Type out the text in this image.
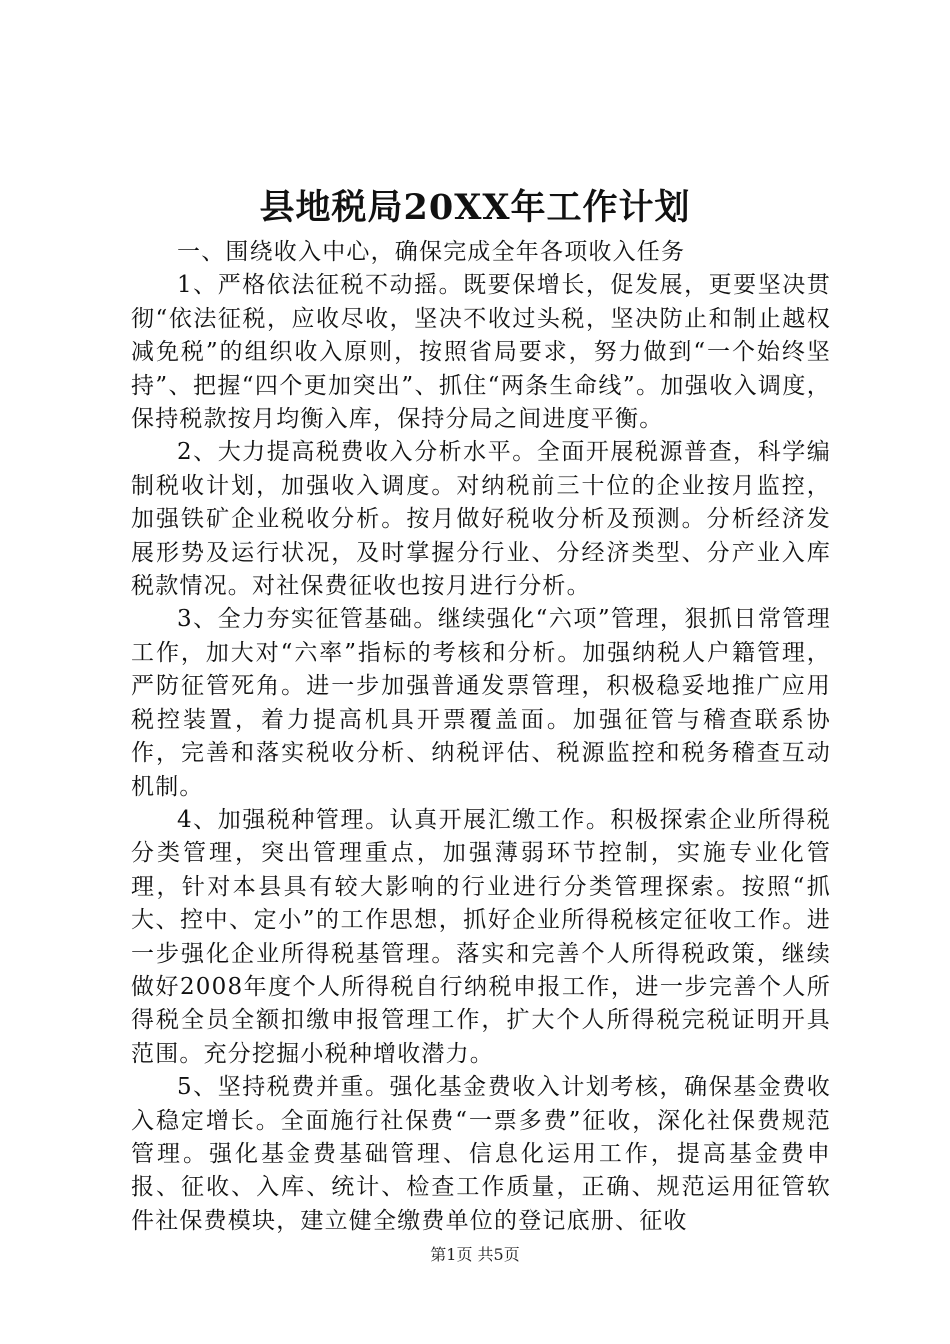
县地税局20XX年工作计划

一、围绕收入中心，确保完成全年各项收入任务

1、严格依法征税不动摇。既要保增长，促发展，更要坚决贯彻“依法征税，应收尽收，坚决不收过头税，坚决防止和制止越权减免税”的组织收入原则，按照省局要求，努力做到“一个始终坚持”、把握“四个更加突出”、抓住“两条生命线”。加强收入调度，保持税款按月均衡入库，保持分局之间进度平衡。

2、大力提高税费收入分析水平。全面开展税源普查，科学编制税收计划，加强收入调度。对纳税前三十位的企业按月监控，加强铁矿企业税收分析。按月做好税收分析及预测。分析经济发展形势及运行状况，及时掌握分行业、分经济类型、分产业入库税款情况。对社保费征收也按月进行分析。

3、全力夯实征管基础。继续强化“六项”管理，狠抓日常管理工作，加大对“六率”指标的考核和分析。加强纳税人户籍管理，严防征管死角。进一步加强普通发票管理，积极稳妥地推广应用税控装置，着力提高机具开票覆盖面。加强征管与稽查联系协作，完善和落实税收分析、纳税评估、税源监控和税务稽查互动机制。

4、加强税种管理。认真开展汇缴工作。积极探索企业所得税分类管理，突出管理重点，加强薄弱环节控制，实施专业化管理，针对本县具有较大影响的行业进行分类管理探索。按照“抓大、控中、定小”的工作思想，抓好企业所得税核定征收工作。进一步强化企业所得税基管理。落实和完善个人所得税政策，继续做好2008年度个人所得税自行纳税申报工作，进一步完善个人所得税全员全额扣缴申报管理工作，扩大个人所得税完税证明开具范围。充分挖掘小税种增收潜力。

5、坚持税费并重。强化基金费收入计划考核，确保基金费收入稳定增长。全面施行社保费“一票多费”征收，深化社保费规范管理。强化基金费基础管理、信息化运用工作，提高基金费申报、征收、入库、统计、检查工作质量，正确、规范运用征管软件社保费模块，建立健全缴费单位的登记底册、征收

第1页 共5页
